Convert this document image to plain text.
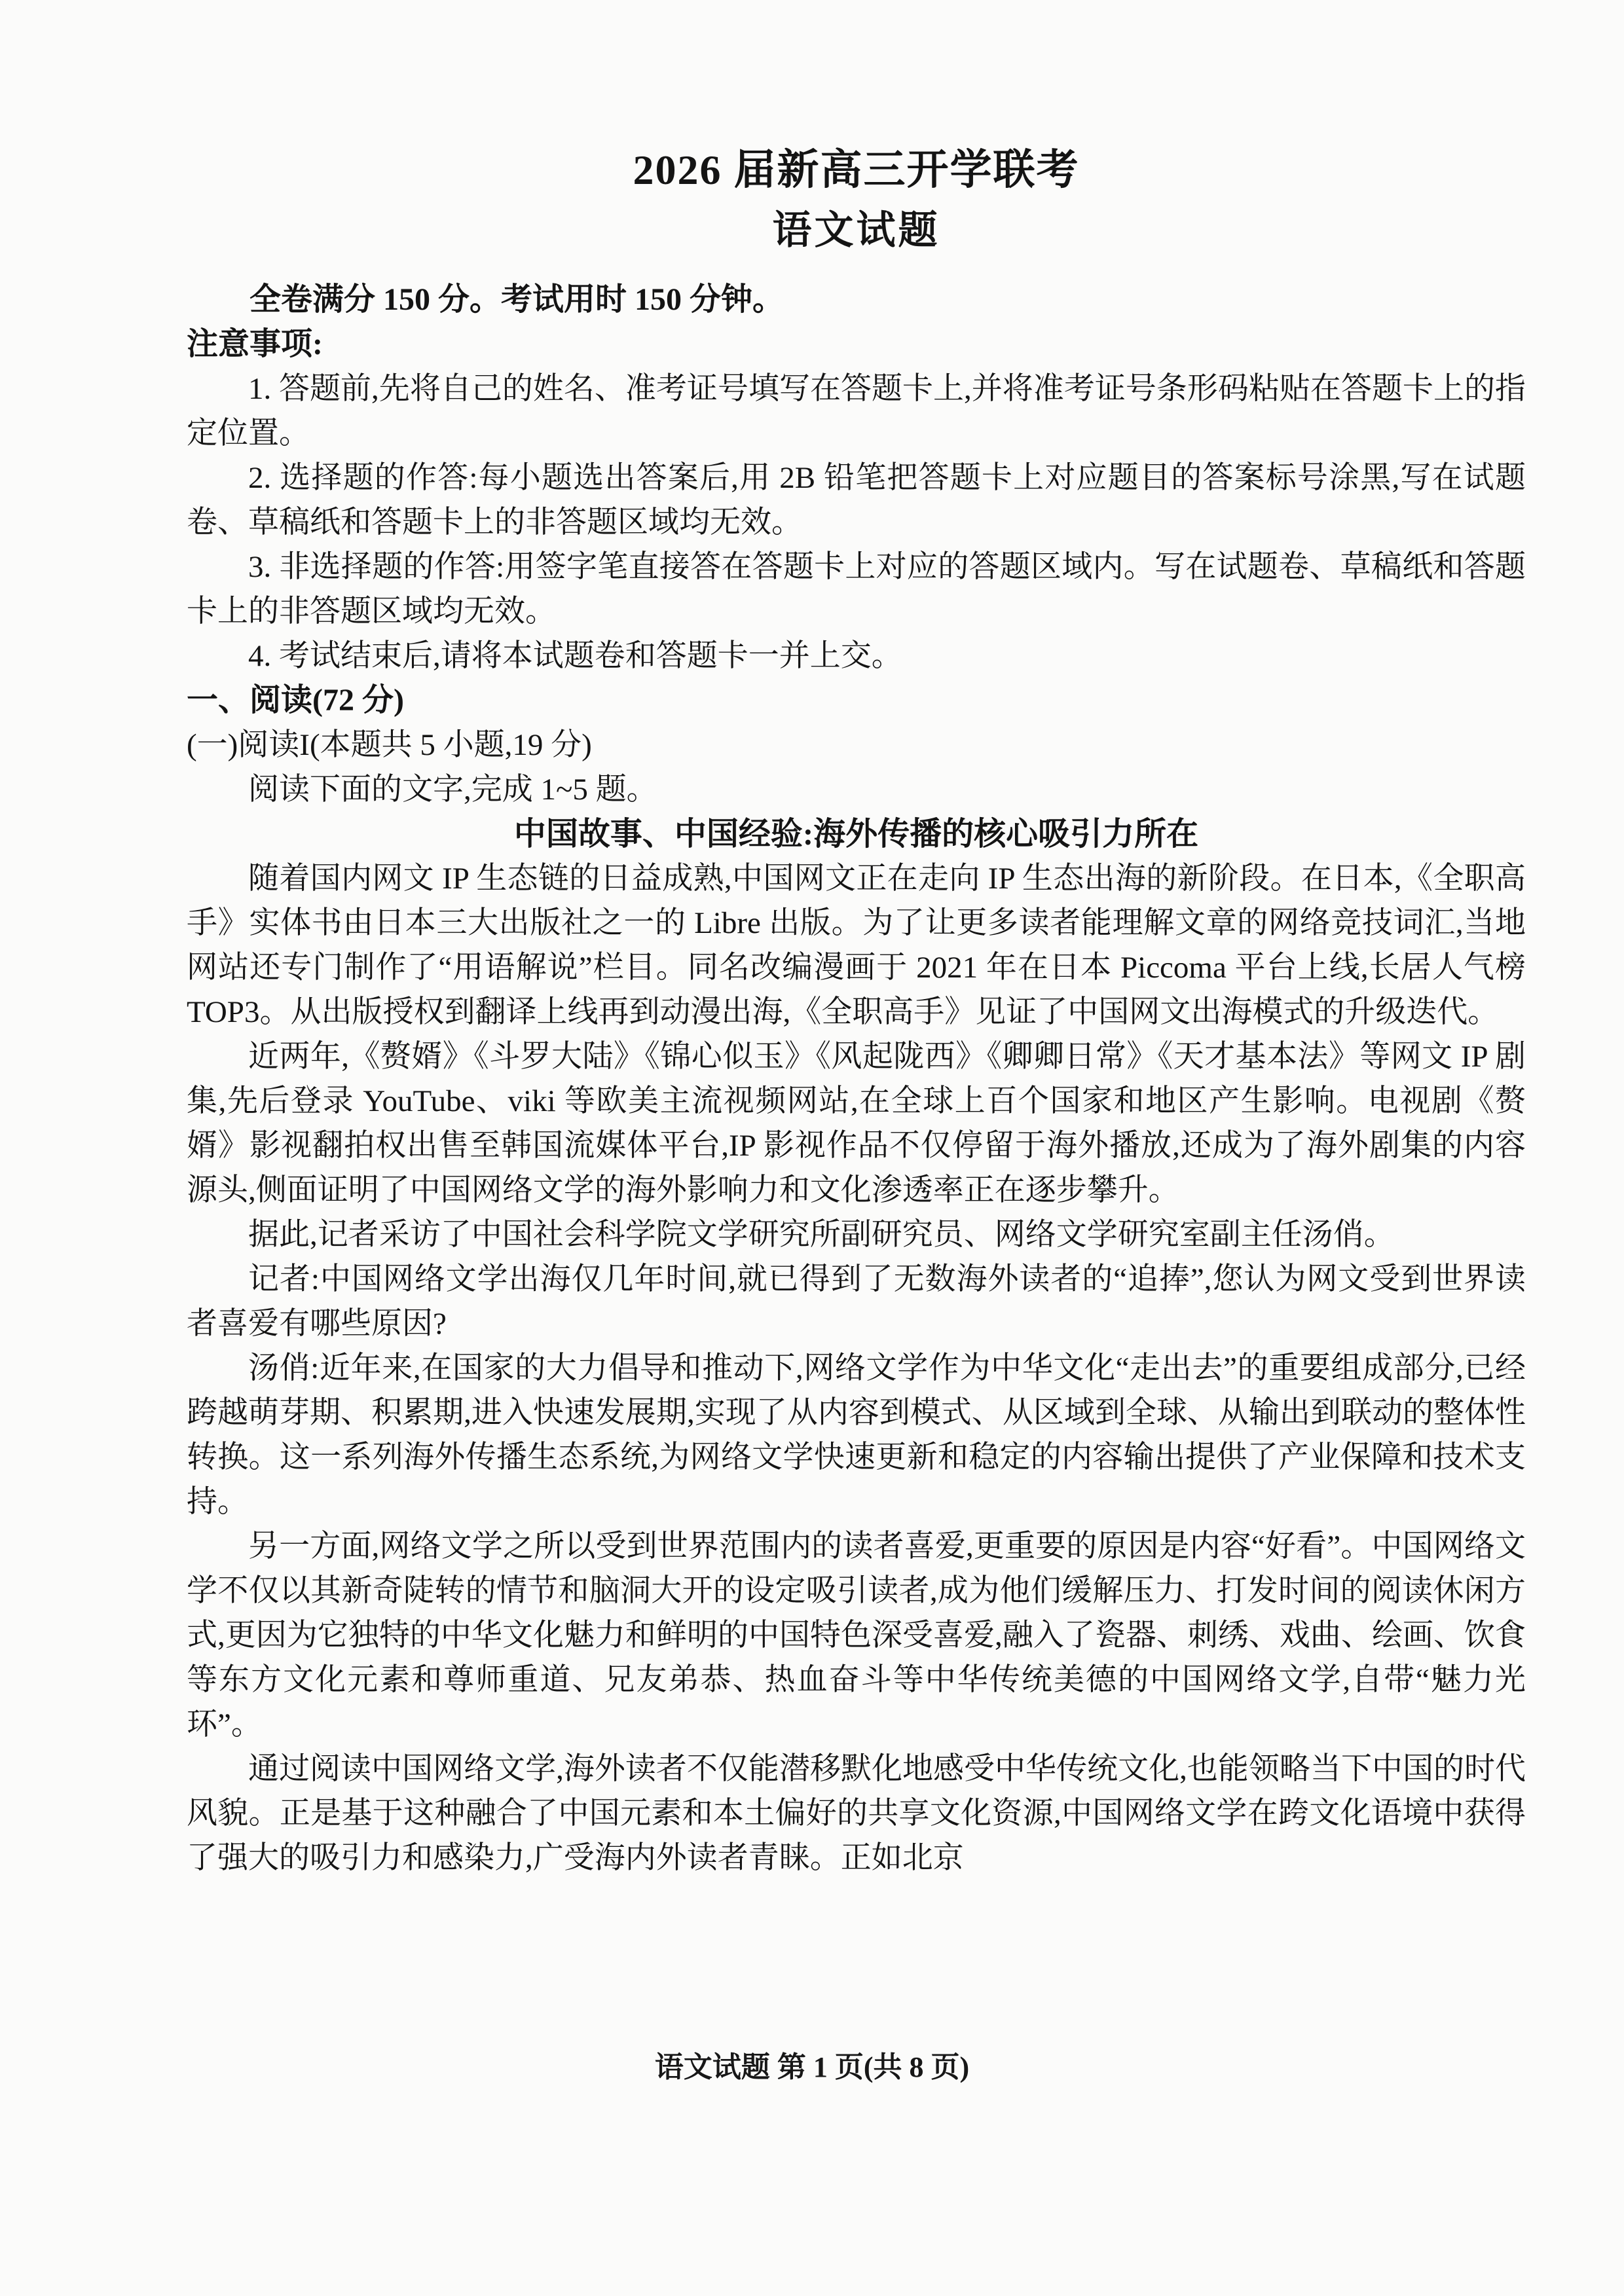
2026 届新高三开学联考
语文试题

全卷满分 150 分。考试用时 150 分钟。

注意事项:

1. 答题前,先将自己的姓名、准考证号填写在答题卡上,并将准考证号条形码粘贴在答题卡上的指定位置。

2. 选择题的作答:每小题选出答案后,用 2B 铅笔把答题卡上对应题目的答案标号涂黑,写在试题卷、草稿纸和答题卡上的非答题区域均无效。

3. 非选择题的作答:用签字笔直接答在答题卡上对应的答题区域内。写在试题卷、草稿纸和答题卡上的非答题区域均无效。

4. 考试结束后,请将本试题卷和答题卡一并上交。

一、阅读(72 分)

(一)阅读I(本题共 5 小题,19 分)

阅读下面的文字,完成 1~5 题。

中国故事、中国经验:海外传播的核心吸引力所在

随着国内网文 IP 生态链的日益成熟,中国网文正在走向 IP 生态出海的新阶段。在日本,《全职高手》实体书由日本三大出版社之一的 Libre 出版。为了让更多读者能理解文章的网络竞技词汇,当地网站还专门制作了“用语解说”栏目。同名改编漫画于 2021 年在日本 Piccoma 平台上线,长居人气榜 TOP3。从出版授权到翻译上线再到动漫出海,《全职高手》见证了中国网文出海模式的升级迭代。

近两年,《赘婿》《斗罗大陆》《锦心似玉》《风起陇西》《卿卿日常》《天才基本法》等网文 IP 剧集,先后登录 YouTube、viki 等欧美主流视频网站,在全球上百个国家和地区产生影响。电视剧《赘婿》影视翻拍权出售至韩国流媒体平台,IP 影视作品不仅停留于海外播放,还成为了海外剧集的内容源头,侧面证明了中国网络文学的海外影响力和文化渗透率正在逐步攀升。

据此,记者采访了中国社会科学院文学研究所副研究员、网络文学研究室副主任汤俏。

记者:中国网络文学出海仅几年时间,就已得到了无数海外读者的“追捧”,您认为网文受到世界读者喜爱有哪些原因?

汤俏:近年来,在国家的大力倡导和推动下,网络文学作为中华文化“走出去”的重要组成部分,已经跨越萌芽期、积累期,进入快速发展期,实现了从内容到模式、从区域到全球、从输出到联动的整体性转换。这一系列海外传播生态系统,为网络文学快速更新和稳定的内容输出提供了产业保障和技术支持。

另一方面,网络文学之所以受到世界范围内的读者喜爱,更重要的原因是内容“好看”。中国网络文学不仅以其新奇陡转的情节和脑洞大开的设定吸引读者,成为他们缓解压力、打发时间的阅读休闲方式,更因为它独特的中华文化魅力和鲜明的中国特色深受喜爱,融入了瓷器、刺绣、戏曲、绘画、饮食等东方文化元素和尊师重道、兄友弟恭、热血奋斗等中华传统美德的中国网络文学,自带“魅力光环”。

通过阅读中国网络文学,海外读者不仅能潜移默化地感受中华传统文化,也能领略当下中国的时代风貌。正是基于这种融合了中国元素和本土偏好的共享文化资源,中国网络文学在跨文化语境中获得了强大的吸引力和感染力,广受海内外读者青睐。正如北京

语文试题 第 1 页(共 8 页)
